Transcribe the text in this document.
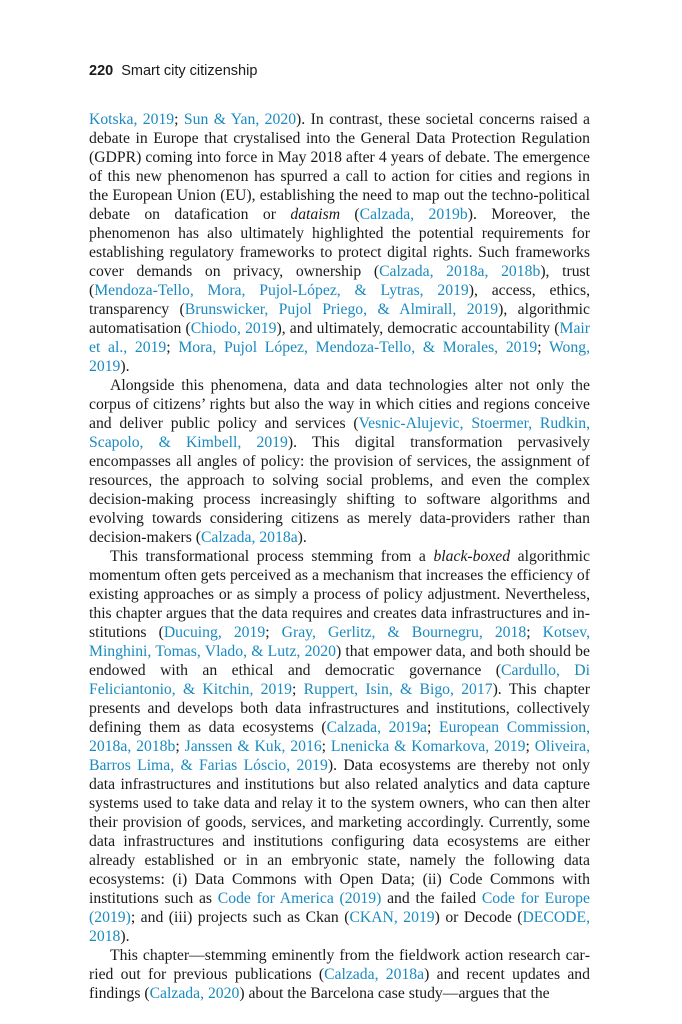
220 Smart city citizenship

Kotska, 2019; Sun & Yan, 2020). In contrast, these societal concerns raised a debate in Europe that crystalised into the General Data Protection Regulation (GDPR) coming into force in May 2018 after 4 years of debate. The emergence of this new phenomenon has spurred a call to action for cities and regions in the European Union (EU), establishing the need to map out the techno-political debate on datafication or dataism (Calzada, 2019b). Moreover, the phenomenon has also ultimately highlighted the potential requirements for establishing regulatory frameworks to protect digital rights. Such frameworks cover demands on privacy, ownership (Calzada, 2018a, 2018b), trust (Mendoza-Tello, Mora, Pujol-López, & Lytras, 2019), access, ethics, transparency (Brunswicker, Pujol Priego, & Almirall, 2019), algorithmic automatisation (Chiodo, 2019), and ultimately, democratic accountability (Mair et al., 2019; Mora, Pujol López, Mendoza-Tello, & Morales, 2019; Wong, 2019).

Alongside this phenomena, data and data technologies alter not only the corpus of citizens’ rights but also the way in which cities and regions conceive and deliver public policy and services (Vesnic-Alujevic, Stoermer, Rudkin, Scapolo, & Kimbell, 2019). This digital transformation pervasively encompasses all angles of policy: the provision of services, the assignment of resources, the approach to solving social problems, and even the complex decision-making process increasingly shifting to software algorithms and evolving towards considering citizens as merely data-providers rather than decision-makers (Calzada, 2018a).

This transformational process stemming from a black-boxed algorithmic momentum often gets perceived as a mechanism that increases the efficiency of existing approaches or as simply a process of policy adjustment. Nevertheless, this chapter argues that the data requires and creates data infrastructures and institutions (Ducuing, 2019; Gray, Gerlitz, & Bournegru, 2018; Kotsev, Minghini, Tomas, Vlado, & Lutz, 2020) that empower data, and both should be endowed with an ethical and democratic governance (Cardullo, Di Feliciantonio, & Kitchin, 2019; Ruppert, Isin, & Bigo, 2017). This chapter presents and develops both data infrastructures and institutions, collectively defining them as data ecosystems (Calzada, 2019a; European Commission, 2018a, 2018b; Janssen & Kuk, 2016; Lnenicka & Komarkova, 2019; Oliveira, Barros Lima, & Farias Lóscio, 2019). Data ecosystems are thereby not only data infrastructures and institutions but also related analytics and data capture systems used to take data and relay it to the system owners, who can then alter their provision of goods, services, and marketing accordingly. Currently, some data infrastructures and institutions configuring data ecosystems are either already established or in an embryonic state, namely the following data ecosystems: (i) Data Commons with Open Data; (ii) Code Commons with institutions such as Code for America (2019) and the failed Code for Europe (2019); and (iii) projects such as Ckan (CKAN, 2019) or Decode (DECODE, 2018).

This chapter—stemming eminently from the fieldwork action research carried out for previous publications (Calzada, 2018a) and recent updates and findings (Calzada, 2020) about the Barcelona case study—argues that the
